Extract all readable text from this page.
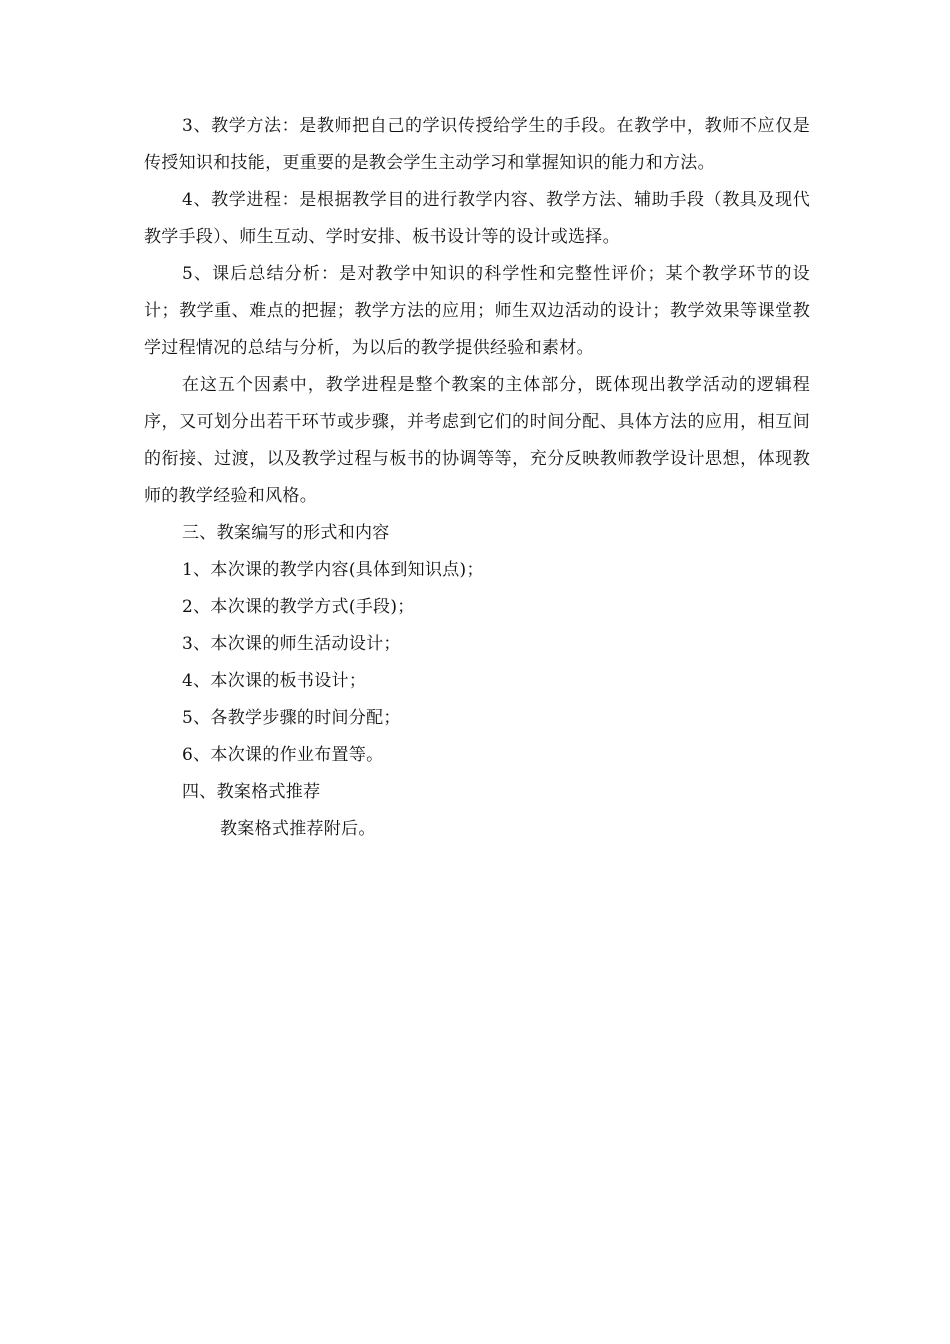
3、教学方法：是教师把自己的学识传授给学生的手段。在教学中，教师不应仅是传授知识和技能，更重要的是教会学生主动学习和掌握知识的能力和方法。

4、教学进程：是根据教学目的进行教学内容、教学方法、辅助手段（教具及现代教学手段）、师生互动、学时安排、板书设计等的设计或选择。

5、课后总结分析：是对教学中知识的科学性和完整性评价；某个教学环节的设计；教学重、难点的把握；教学方法的应用；师生双边活动的设计；教学效果等课堂教学过程情况的总结与分析，为以后的教学提供经验和素材。

在这五个因素中，教学进程是整个教案的主体部分，既体现出教学活动的逻辑程序，又可划分出若干环节或步骤，并考虑到它们的时间分配、具体方法的应用，相互间的衔接、过渡，以及教学过程与板书的协调等等，充分反映教师教学设计思想，体现教师的教学经验和风格。

三、教案编写的形式和内容

1、本次课的教学内容(具体到知识点)；

2、本次课的教学方式(手段)；

3、本次课的师生活动设计；

4、本次课的板书设计；

5、各教学步骤的时间分配；

6、本次课的作业布置等。

四、教案格式推荐

教案格式推荐附后。
